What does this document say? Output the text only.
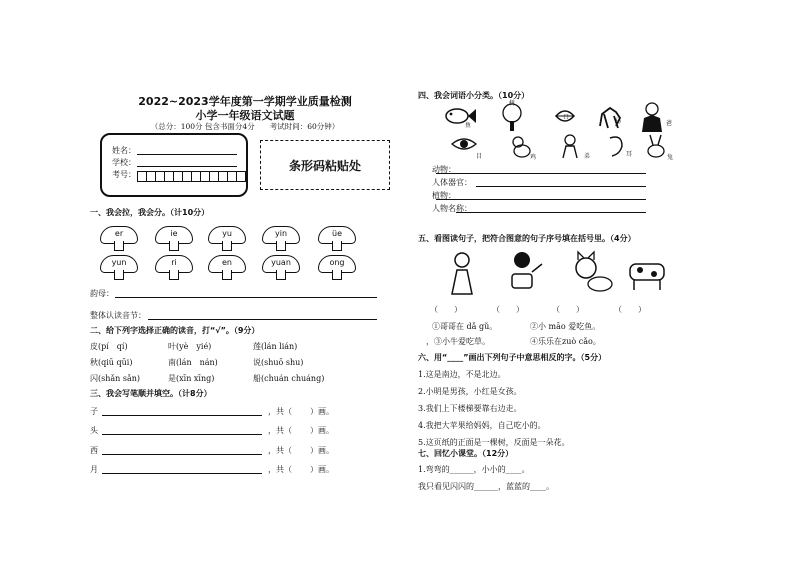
2022~2023学年度第一学期学业质量检测
小学一年级语文试题
（总分：100分 包含书面分4分　　考试时间：60分钟）
姓名：
学校：
考号：
条形码粘贴处
一、我会拉，我会分。（计10分）
er	ie	yu	yin	üe
yun	ri	en	yuan	ong
韵母：
整体认读音节：
二、给下列字选择正确的读音，打“√”。（9分）
皮(pí　qí)	叶(yè　yié)	莲(lán lián)
秋(qiū qūi)	南(lán　nán)	说(shuō shu)
闪(shǎn sǎn)	是(xīn xīng)	船(chuán chuáng)
三、我会写笔顺并填空。（计8分）
子	，共（ ）画。
头	，共（ ）画。
西	，共（ ）画。
月	，共（ ）画。
四、我会词语小分类。（10分）
鱼
树
口
马	爸
目	鸡	弟	耳	兔
动物：
人体器官：
植物：
人物名称：
五、看图读句子，把符合图意的句子序号填在括号里。（4分）
（　　）	（　　）	（　　）	（　　）
①哥哥在 dǎ gǔ。	②小 māo 爱吃鱼。
，③小牛爱吃草。	④乐乐在zuò cǎo。
六、用“____”画出下列句子中意思相反的字。（5分）
1.这是南边，不是北边。
2.小明是男孩，小红是女孩。
3.我们上下楼梯要靠右边走。
4.我把大苹果给妈妈，自己吃小的。
5.这页纸的正面是一棵树，反面是一朵花。
七、回忆小课堂。（12分）
1.弯弯的______，小小的____。
我只看见闪闪的______，蓝蓝的____。
